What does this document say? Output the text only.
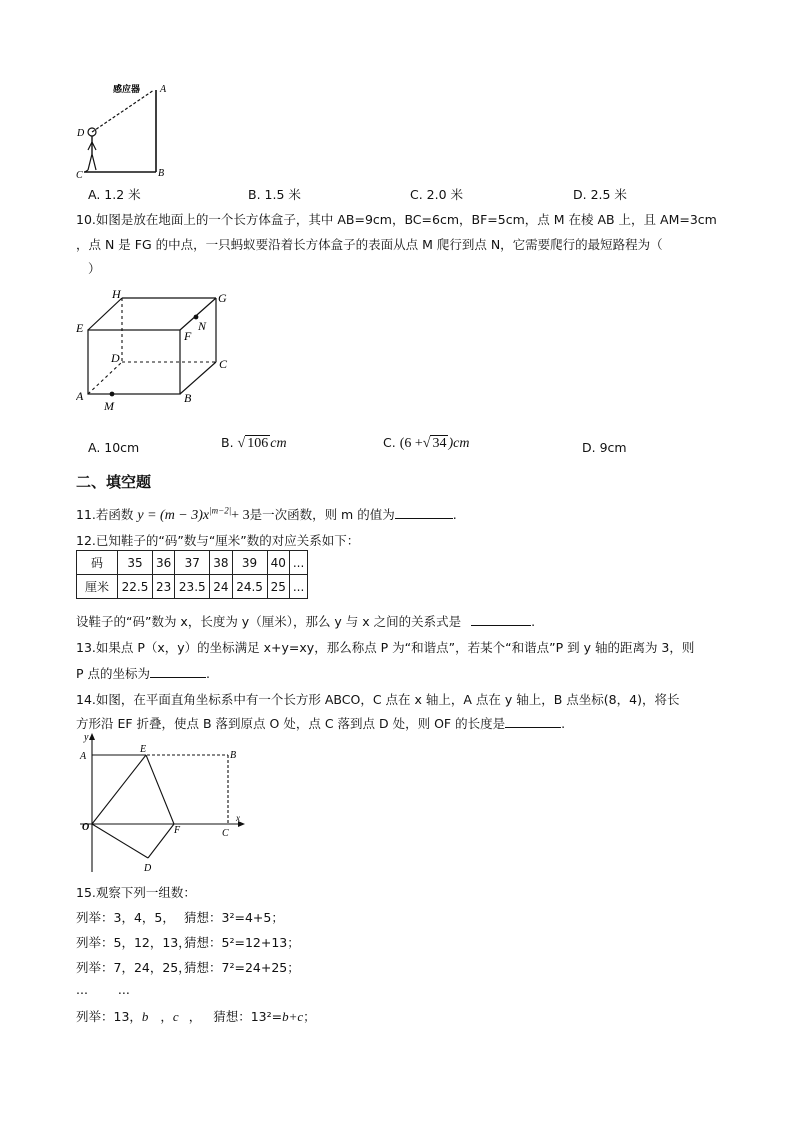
感应器 A
B
C
D
A. 1.2 米	B. 1.5 米	C. 2.0 米	D. 2.5 米
10.如图是放在地面上的一个长方体盒子，其中 AB=9cm，BC=6cm，BF=5cm，点 M 在棱 AB 上，且 AM=3cm
，点 N 是 FG 的中点，一只蚂蚁要沿着长方体盒子的表面从点 M 爬行到点 N，它需要爬行的最短路程为（
）
H	G
E	N
F
D	C
A
M
B
A. 10cm	B. √ 106 cm	C. (6 +√ 34 )cm	D. 9cm
二、填空题
11.若函数 $y = (m - 3)x^{|m-2|}+ 3$是一次函数，则 m 的值为	.
12.已知鞋子的“码”数与“厘米”数的对应关系如下：
码	35	36	37	38	39	40	...
厘米	22.5	23	23.5	24	24.5	25	...
设鞋子的“码”数为 x，长度为 y（厘米），那么 y 与 x 之间的关系式是	.
13.如果点 P（x，y）的坐标满足 x+y=xy，那么称点 P 为“和谐点”，若某个“和谐点”P 到 y 轴的距离为 3，则
P 点的坐标为	.
14.如图，在平面直角坐标系中有一个长方形 ABCO，C 点在 x 轴上，A 点在 y 轴上，B 点坐标(8，4)，将长
方形沿 EF 折叠，使点 B 落到原点 O 处，点 C 落到点 D 处，则 OF 的长度是	.
y
A
E
B
O	F	C
x
D
15.观察下列一组数：
列举：3，4，5， 猜想：3²=4+5；
列举：5，12，13，猜想：5²=12+13；
列举：7，24，25，猜想：7²=24+25；
... ...
列举：13，b ，c ， 猜想：13²=b+c；
